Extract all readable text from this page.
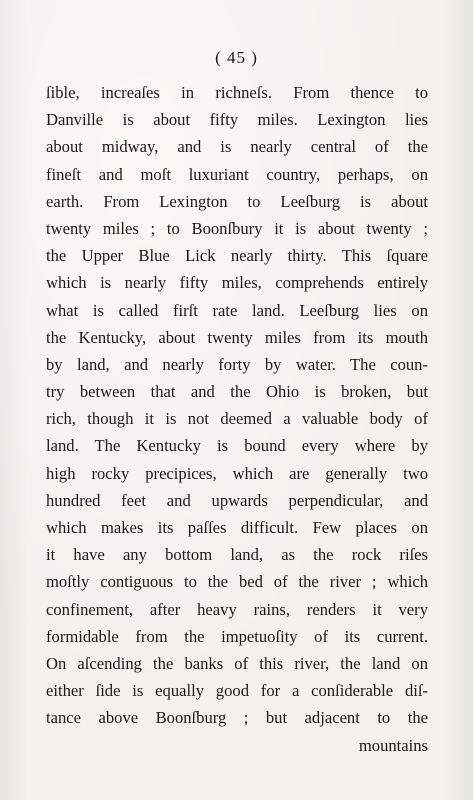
( 45 )
ſible, increaſes in richneſs. From thence to
Danville is about fifty miles. Lexington lies
about midway, and is nearly central of the
fineſt and moſt luxuriant country, perhaps, on
earth. From Lexington to Leeſburg is about
twenty miles ; to Boonſbury it is about twenty ;
the Upper Blue Lick nearly thirty. This ſquare
which is nearly fifty miles, comprehends entirely
what is called firſt rate land. Leeſburg lies on
the Kentucky, about twenty miles from its mouth
by land, and nearly forty by water. The coun-
try between that and the Ohio is broken, but
rich, though it is not deemed a valuable body of
land. The Kentucky is bound every where by
high rocky precipices, which are generally two
hundred feet and upwards perpendicular, and
which makes its paſſes difficult. Few places on
it have any bottom land, as the rock riſes
moſtly contiguous to the bed of the river ; which
confinement, after heavy rains, renders it very
formidable from the impetuoſity of its current.
On aſcending the banks of this river, the land on
either ſide is equally good for a conſiderable diſ-
tance above Boonſburg ; but adjacent to the
mountains
